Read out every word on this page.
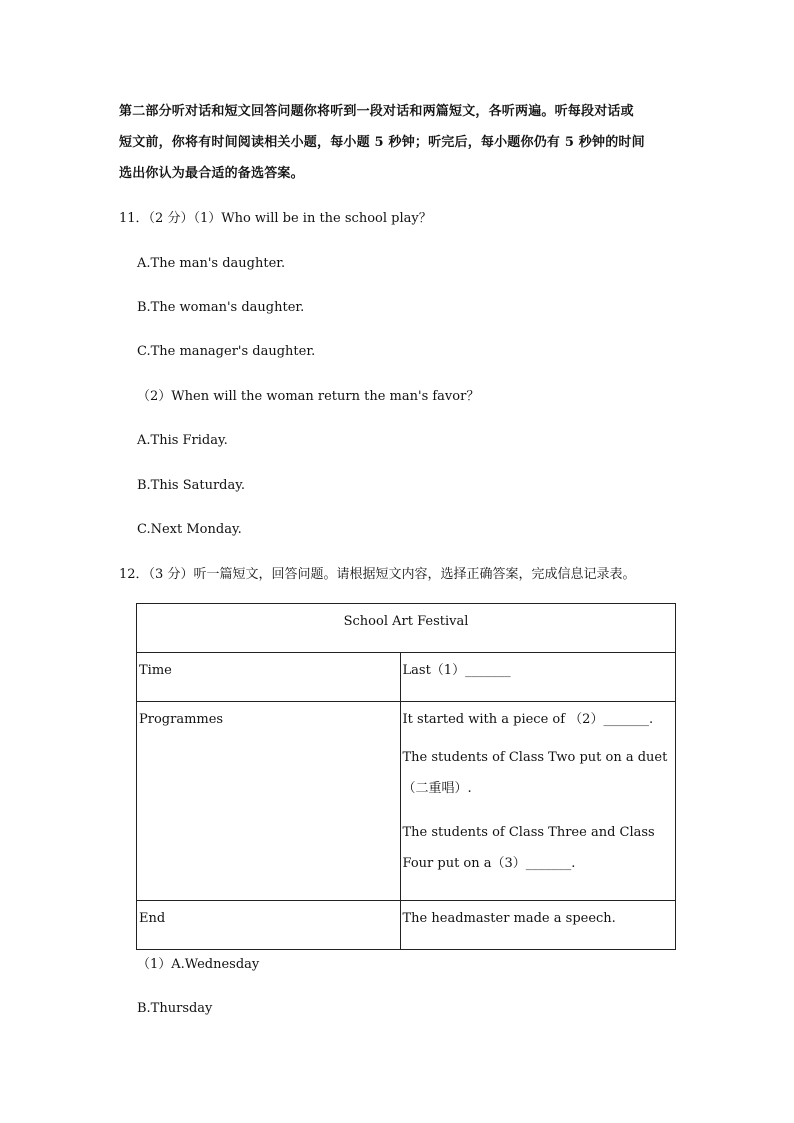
第二部分听对话和短文回答问题你将听到一段对话和两篇短文，各听两遍。听每段对话或
短文前，你将有时间阅读相关小题，每小题 5 秒钟；听完后，每小题你仍有 5 秒钟的时间
选出你认为最合适的备选答案。
11．（2 分）（1）Who will be in the school play？
A.The man's daughter.
B.The woman's daughter.
C.The manager's daughter.
（2）When will the woman return the man's favor？
A.This Friday.
B.This Saturday.
C.Next Monday.
12．（3 分）听一篇短文，回答问题。请根据短文内容，选择正确答案，完成信息记录表。
School Art Festival	

Time	Last（1）_______

Programmes	It started with a piece of （2）_______.
The students of Class Two put on a duet（二重唱）.
The students of Class Three and Class Four put on a（3）_______.

End	The headmaster made a speech.
（1）A.Wednesday
B.Thursday
